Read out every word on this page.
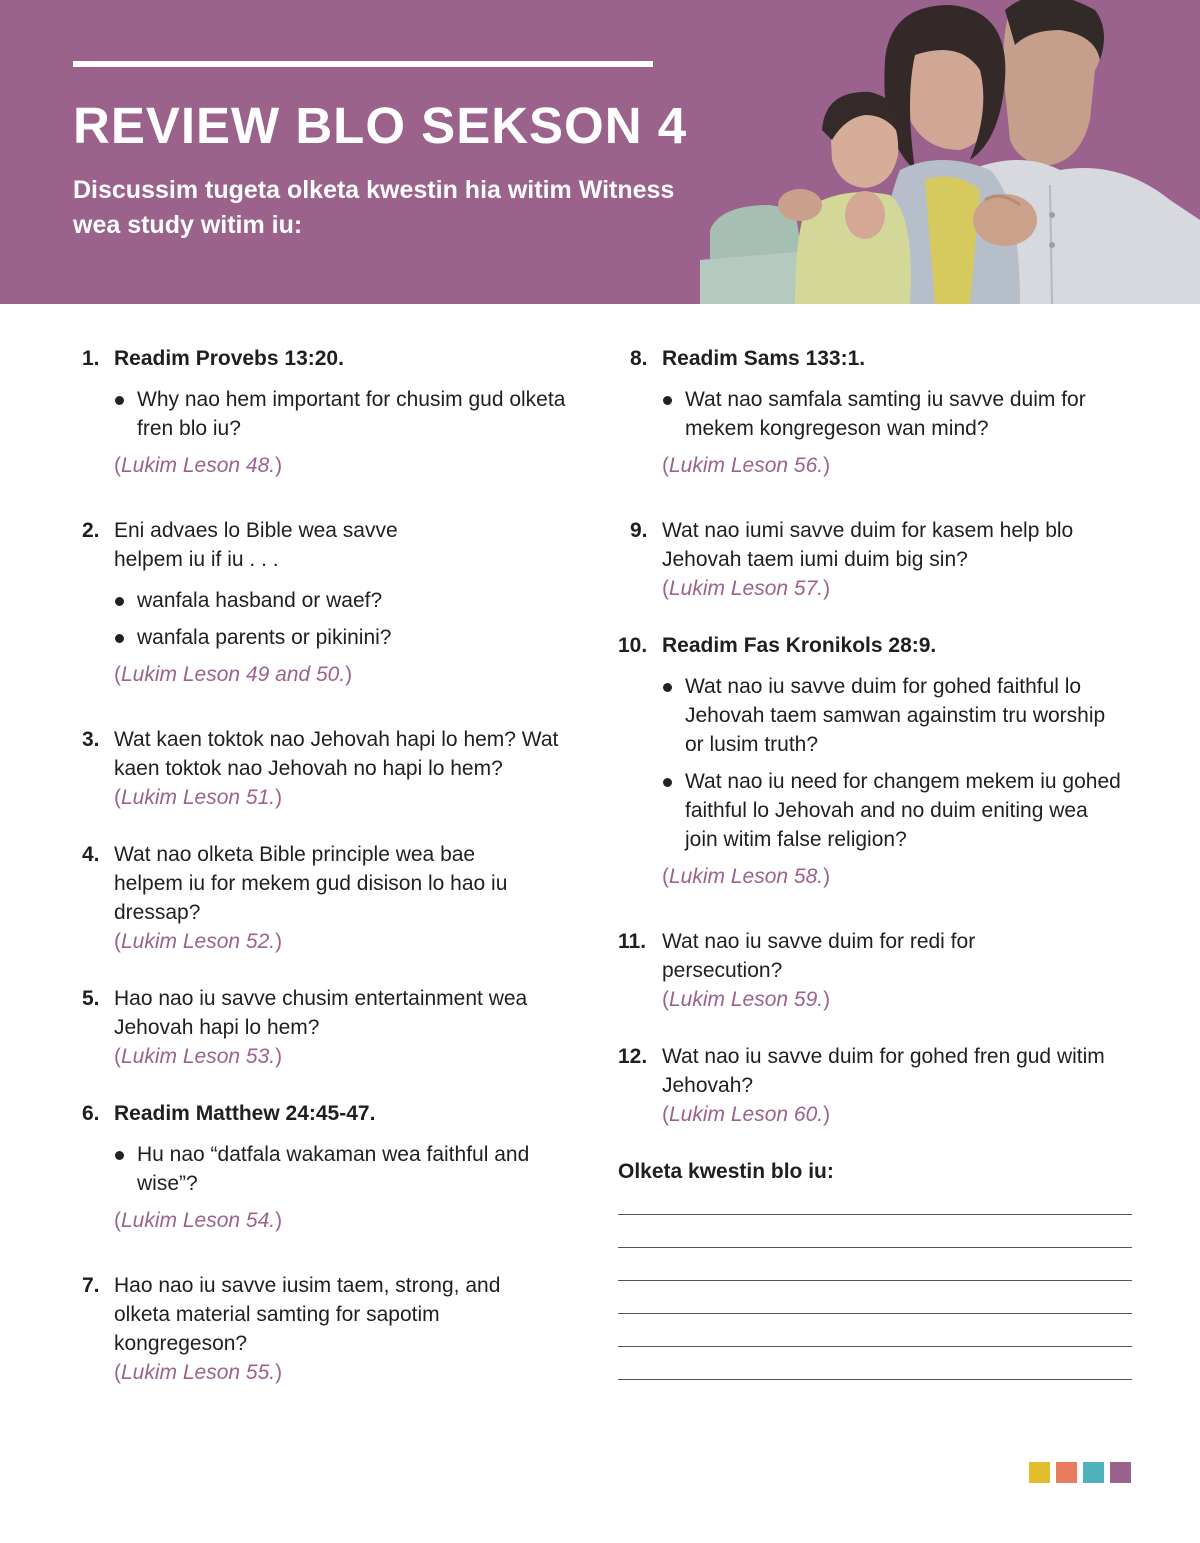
REVIEW BLO SEKSON 4

Discussim tugeta olketa kwestin hia witim Witness wea study witim iu:

1. Readim Provebs 13:20.

Why nao hem important for chusim gud olketa fren blo iu?

(Lukim Leson 48.)

2. Eni advaes lo Bible wea savve helpem iu if iu . . .

wanfala hasband or waef?
wanfala parents or pikinini?

(Lukim Leson 49 and 50.)

3. Wat kaen toktok nao Jehovah hapi lo hem? Wat kaen toktok nao Jehovah no hapi lo hem?

(Lukim Leson 51.)

4. Wat nao olketa Bible principle wea bae helpem iu for mekem gud disison lo hao iu dressap?

(Lukim Leson 52.)

5. Hao nao iu savve chusim entertainment wea Jehovah hapi lo hem?

(Lukim Leson 53.)

6. Readim Matthew 24:45-47.

Hu nao “datfala wakaman wea faithful and wise”?

(Lukim Leson 54.)

7. Hao nao iu savve iusim taem, strong, and olketa material samting for sapotim kongregeson?

(Lukim Leson 55.)

8. Readim Sams 133:1.

Wat nao samfala samting iu savve duim for mekem kongregeson wan mind?

(Lukim Leson 56.)

9. Wat nao iumi savve duim for kasem help blo Jehovah taem iumi duim big sin?

(Lukim Leson 57.)

10. Readim Fas Kronikols 28:9.

Wat nao iu savve duim for gohed faithful lo Jehovah taem samwan againstim tru worship or lusim truth?
Wat nao iu need for changem mekem iu gohed faithful lo Jehovah and no duim eniting wea join witim false religion?

(Lukim Leson 58.)

11. Wat nao iu savve duim for redi for persecution?

(Lukim Leson 59.)

12. Wat nao iu savve duim for gohed fren gud witim Jehovah?

(Lukim Leson 60.)

Olketa kwestin blo iu:
